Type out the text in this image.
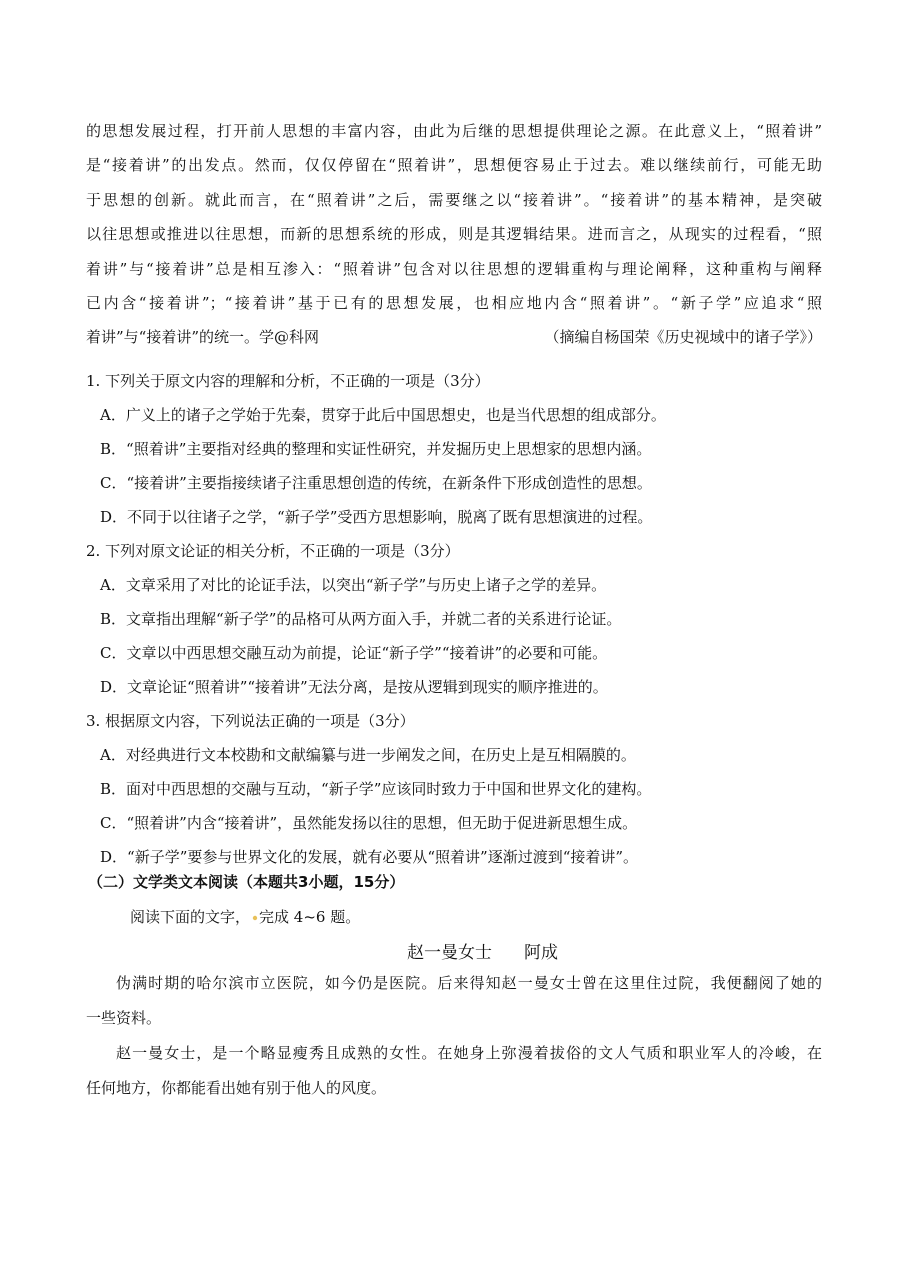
的思想发展过程，打开前人思想的丰富内容，由此为后继的思想提供理论之源。在此意义上，“照着讲”
是“接着讲”的出发点。然而，仅仅停留在“照着讲”，思想便容易止于过去。难以继续前行，可能无助
于思想的创新。就此而言，在“照着讲”之后，需要继之以“接着讲”。“接着讲”的基本精神，是突破
以往思想或推进以往思想，而新的思想系统的形成，则是其逻辑结果。进而言之，从现实的过程看，“照
着讲”与“接着讲”总是相互渗入：“照着讲”包含对以往思想的逻辑重构与理论阐释，这种重构与阐释
已内含“接着讲”；“接着讲”基于已有的思想发展，也相应地内含“照着讲”。“新子学”应追求“照
着讲”与“接着讲”的统一。学@科网	（摘编自杨国荣《历史视域中的诸子学》）
1. 下列关于原文内容的理解和分析，不正确的一项是（3分）
A．广义上的诸子之学始于先秦，贯穿于此后中国思想史，也是当代思想的组成部分。
B．“照着讲”主要指对经典的整理和实证性研究，并发掘历史上思想家的思想内涵。
C．“接着讲”主要指接续诸子注重思想创造的传统，在新条件下形成创造性的思想。
D．不同于以往诸子之学，“新子学”受西方思想影响，脱离了既有思想演进的过程。
2. 下列对原文论证的相关分析，不正确的一项是（3分）
A．文章采用了对比的论证手法，以突出“新子学”与历史上诸子之学的差异。
B．文章指出理解“新子学”的品格可从两方面入手，并就二者的关系进行论证。
C．文章以中西思想交融互动为前提，论证“新子学”“接着讲”的必要和可能。
D．文章论证“照着讲”“接着讲”无法分离，是按从逻辑到现实的顺序推进的。
3. 根据原文内容，下列说法正确的一项是（3分）
A．对经典进行文本校勘和文献编纂与进一步阐发之间，在历史上是互相隔膜的。
B．面对中西思想的交融与互动，“新子学”应该同时致力于中国和世界文化的建构。
C．“照着讲”内含“接着讲”，虽然能发扬以往的思想，但无助于促进新思想生成。
D．“新子学”要参与世界文化的发展，就有必要从“照着讲”逐渐过渡到“接着讲”。
（二）文学类文本阅读（本题共3小题，15分）
阅读下面的文字， 完成 4~6 题。
赵一曼女士 阿成
伪满时期的哈尔滨市立医院，如今仍是医院。后来得知赵一曼女士曾在这里住过院，我便翻阅了她的
一些资料。
赵一曼女士，是一个略显瘦秀且成熟的女性。在她身上弥漫着拔俗的文人气质和职业军人的冷峻，在
任何地方，你都能看出她有别于他人的风度。
